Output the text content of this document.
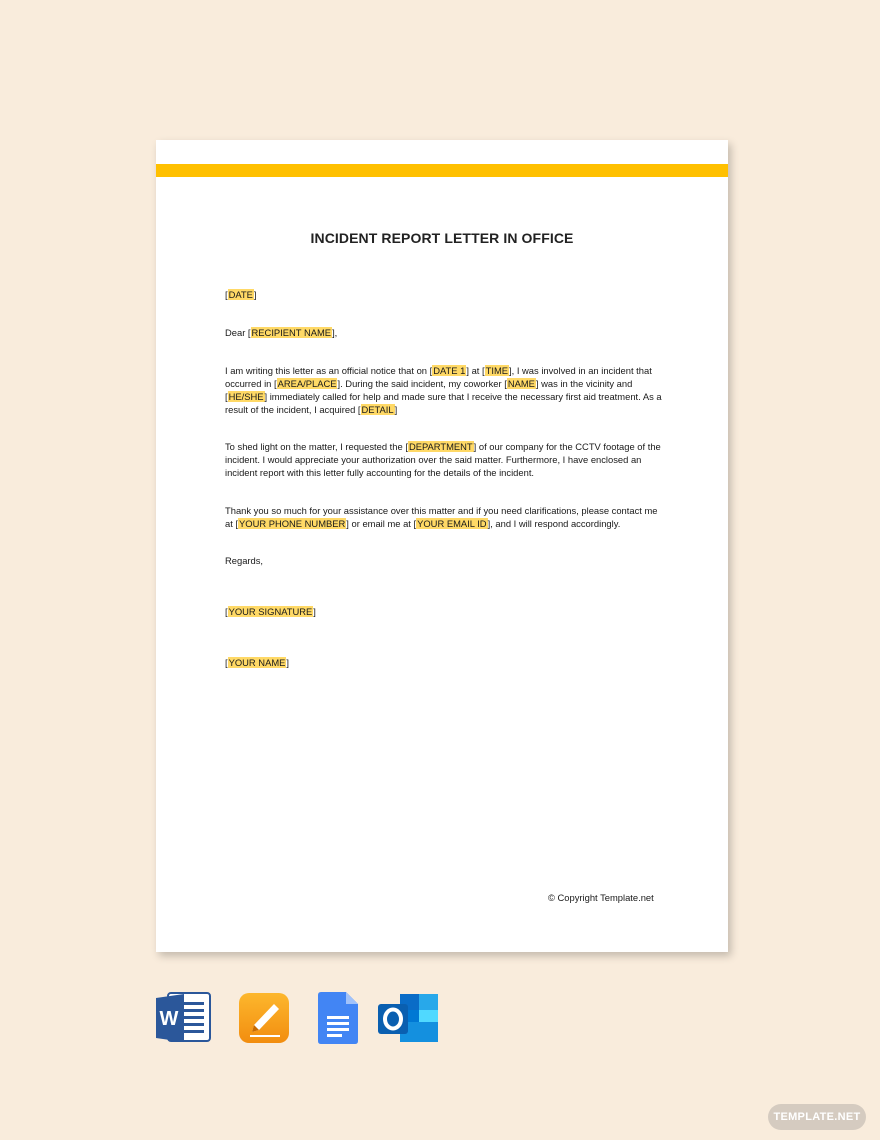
INCIDENT REPORT LETTER IN OFFICE
[DATE]
Dear [RECIPIENT NAME],
I am writing this letter as an official notice that on [DATE 1] at [TIME], I was involved in an incident that occurred in [AREA/PLACE]. During the said incident, my coworker [NAME] was in the vicinity and [HE/SHE] immediately called for help and made sure that I receive the necessary first aid treatment. As a result of the incident, I acquired [DETAIL]
To shed light on the matter, I requested the [DEPARTMENT] of our company for the CCTV footage of the incident. I would appreciate your authorization over the said matter. Furthermore, I have enclosed an incident report with this letter fully accounting for the details of the incident.
Thank you so much for your assistance over this matter and if you need clarifications, please contact me at [YOUR PHONE NUMBER] or email me at [YOUR EMAIL ID], and I will respond accordingly.
Regards,
[YOUR SIGNATURE]
[YOUR NAME]
© Copyright Template.net
W
TEMPLATE.NET
